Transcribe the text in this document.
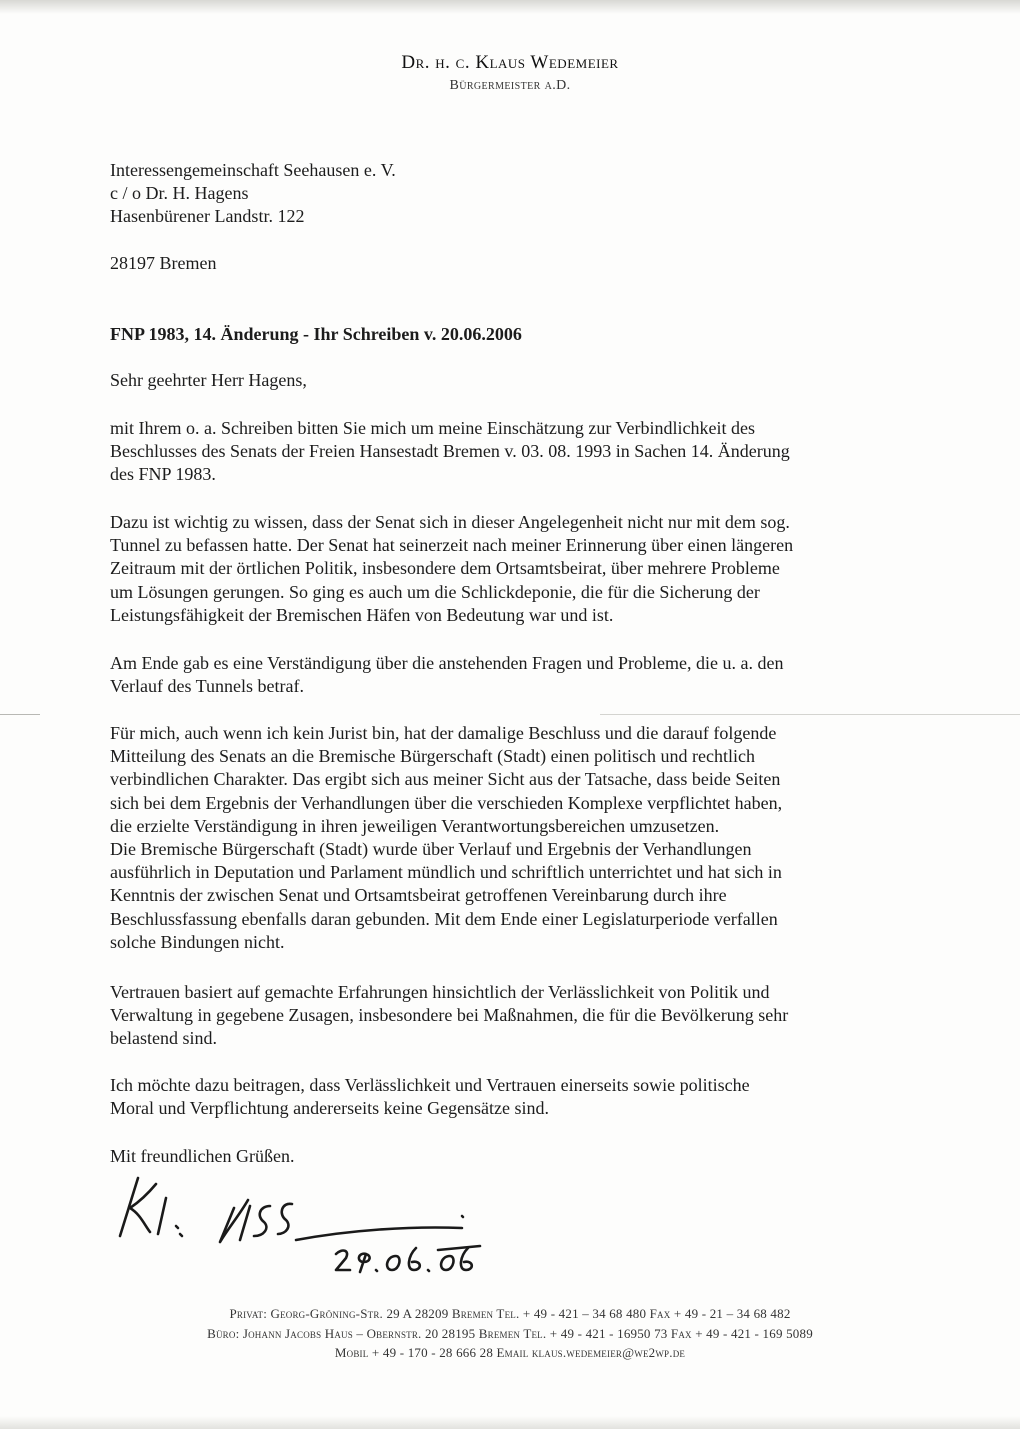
Dr. h. c. Klaus Wedemeier

Bürgermeister a.D.

Interessengemeinschaft Seehausen e. V.
c / o Dr. H. Hagens
Hasenbürener Landstr. 122
28197 Bremen
FNP 1983, 14. Änderung - Ihr Schreiben v. 20.06.2006
Sehr geehrter Herr Hagens,
mit Ihrem o. a. Schreiben bitten Sie mich um meine Einschätzung zur Verbindlichkeit des
Beschlusses des Senats der Freien Hansestadt Bremen v. 03. 08. 1993 in Sachen 14. Änderung
des FNP 1983.
Dazu ist wichtig zu wissen, dass der Senat sich in dieser Angelegenheit nicht nur mit dem sog.
Tunnel zu befassen hatte. Der Senat hat seinerzeit nach meiner Erinnerung über einen längeren
Zeitraum mit der örtlichen Politik, insbesondere dem Ortsamtsbeirat, über mehrere Probleme
um Lösungen gerungen. So ging es auch um die Schlickdeponie, die für die Sicherung der
Leistungsfähigkeit der Bremischen Häfen von Bedeutung war und ist.
Am Ende gab es eine Verständigung über die anstehenden Fragen und Probleme, die u. a. den
Verlauf des Tunnels betraf.
Für mich, auch wenn ich kein Jurist bin, hat der damalige Beschluss und die darauf folgende
Mitteilung des Senats an die Bremische Bürgerschaft (Stadt) einen politisch und rechtlich
verbindlichen Charakter. Das ergibt sich aus meiner Sicht aus der Tatsache, dass beide Seiten
sich bei dem Ergebnis der Verhandlungen über die verschieden Komplexe verpflichtet haben,
die erzielte Verständigung in ihren jeweiligen Verantwortungsbereichen umzusetzen.
Die Bremische Bürgerschaft (Stadt) wurde über Verlauf und Ergebnis der Verhandlungen
ausführlich in Deputation und Parlament mündlich und schriftlich unterrichtet und hat sich in
Kenntnis der zwischen Senat und Ortsamtsbeirat getroffenen Vereinbarung durch ihre
Beschlussfassung ebenfalls daran gebunden. Mit dem Ende einer Legislaturperiode verfallen
solche Bindungen nicht.
Vertrauen basiert auf gemachte Erfahrungen hinsichtlich der Verlässlichkeit von Politik und
Verwaltung in gegebene Zusagen, insbesondere bei Maßnahmen, die für die Bevölkerung sehr
belastend sind.
Ich möchte dazu beitragen, dass Verlässlichkeit und Vertrauen einerseits sowie politische
Moral und Verpflichtung andererseits keine Gegensätze sind.
Mit freundlichen Grüßen.
Privat: Georg-Gröning-Str. 29 A 28209 Bremen Tel. + 49 - 421 – 34 68 480 Fax + 49 - 21 – 34 68 482
Büro: Johann Jacobs Haus – Obernstr. 20 28195 Bremen Tel. + 49 - 421 - 16950 73 Fax + 49 - 421 - 169 5089
Mobil + 49 - 170 - 28 666 28 Email klaus.wedemeier@we2wp.de
